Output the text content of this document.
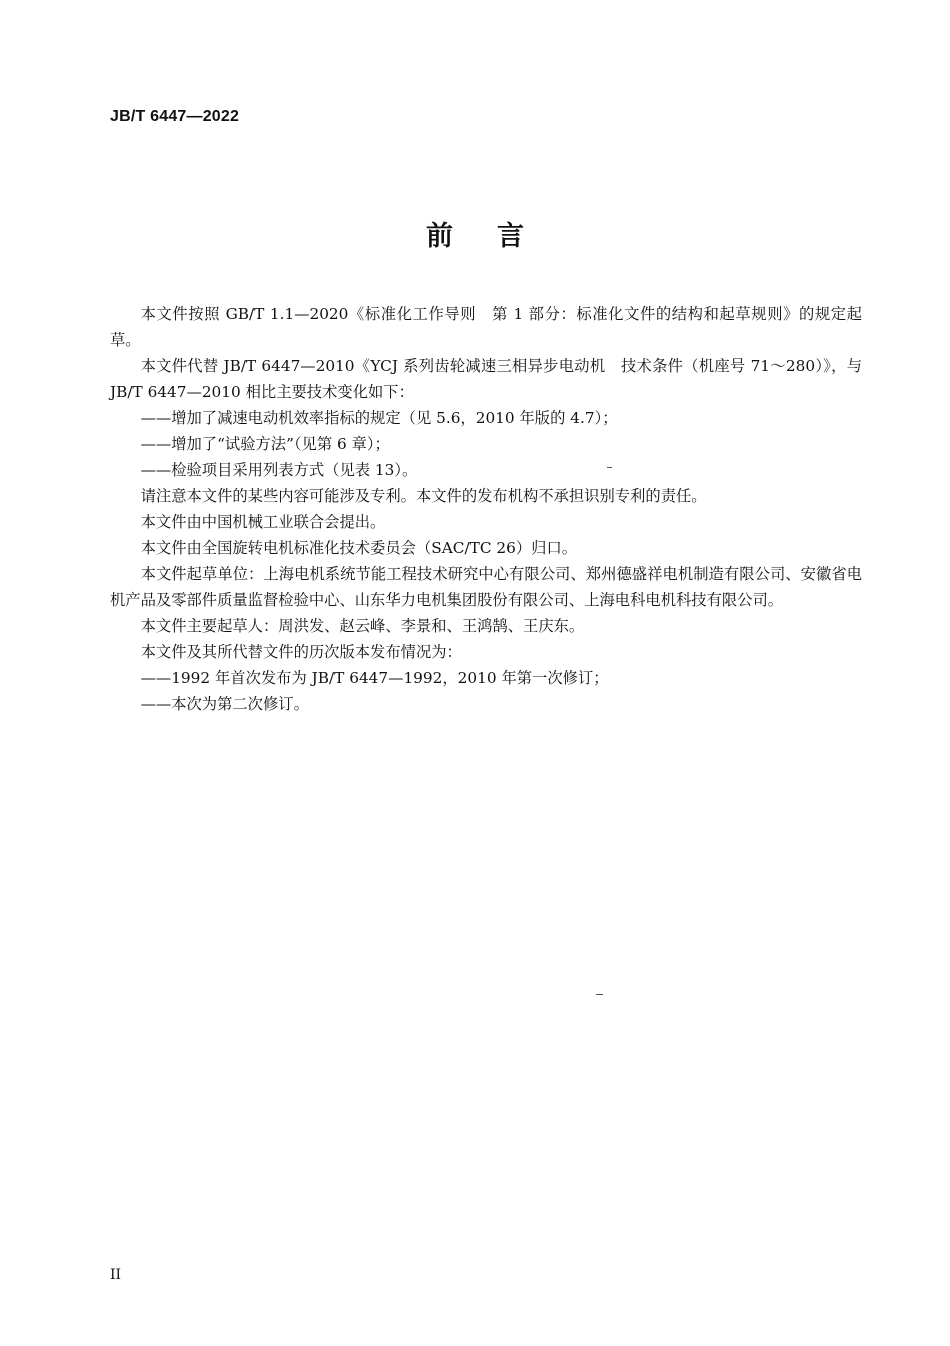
JB/T 6447—2022
前言

本文件按照 GB/T 1.1—2020《标准化工作导则　第 1 部分：标准化文件的结构和起草规则》的规定起草。

本文件代替 JB/T 6447—2010《YCJ 系列齿轮减速三相异步电动机　技术条件（机座号 71～280）》，与 JB/T 6447—2010 相比主要技术变化如下：

——增加了减速电动机效率指标的规定（见 5.6，2010 年版的 4.7）；

——增加了“试验方法”（见第 6 章）；

——检验项目采用列表方式（见表 13）。

请注意本文件的某些内容可能涉及专利。本文件的发布机构不承担识别专利的责任。

本文件由中国机械工业联合会提出。

本文件由全国旋转电机标准化技术委员会（SAC/TC 26）归口。

本文件起草单位：上海电机系统节能工程技术研究中心有限公司、郑州德盛祥电机制造有限公司、安徽省电机产品及零部件质量监督检验中心、山东华力电机集团股份有限公司、上海电科电机科技有限公司。

本文件主要起草人：周洪发、赵云峰、李景和、王鸿鹄、王庆东。

本文件及其所代替文件的历次版本发布情况为：

——1992 年首次发布为 JB/T 6447—1992，2010 年第一次修订；

——本次为第二次修订。

II
